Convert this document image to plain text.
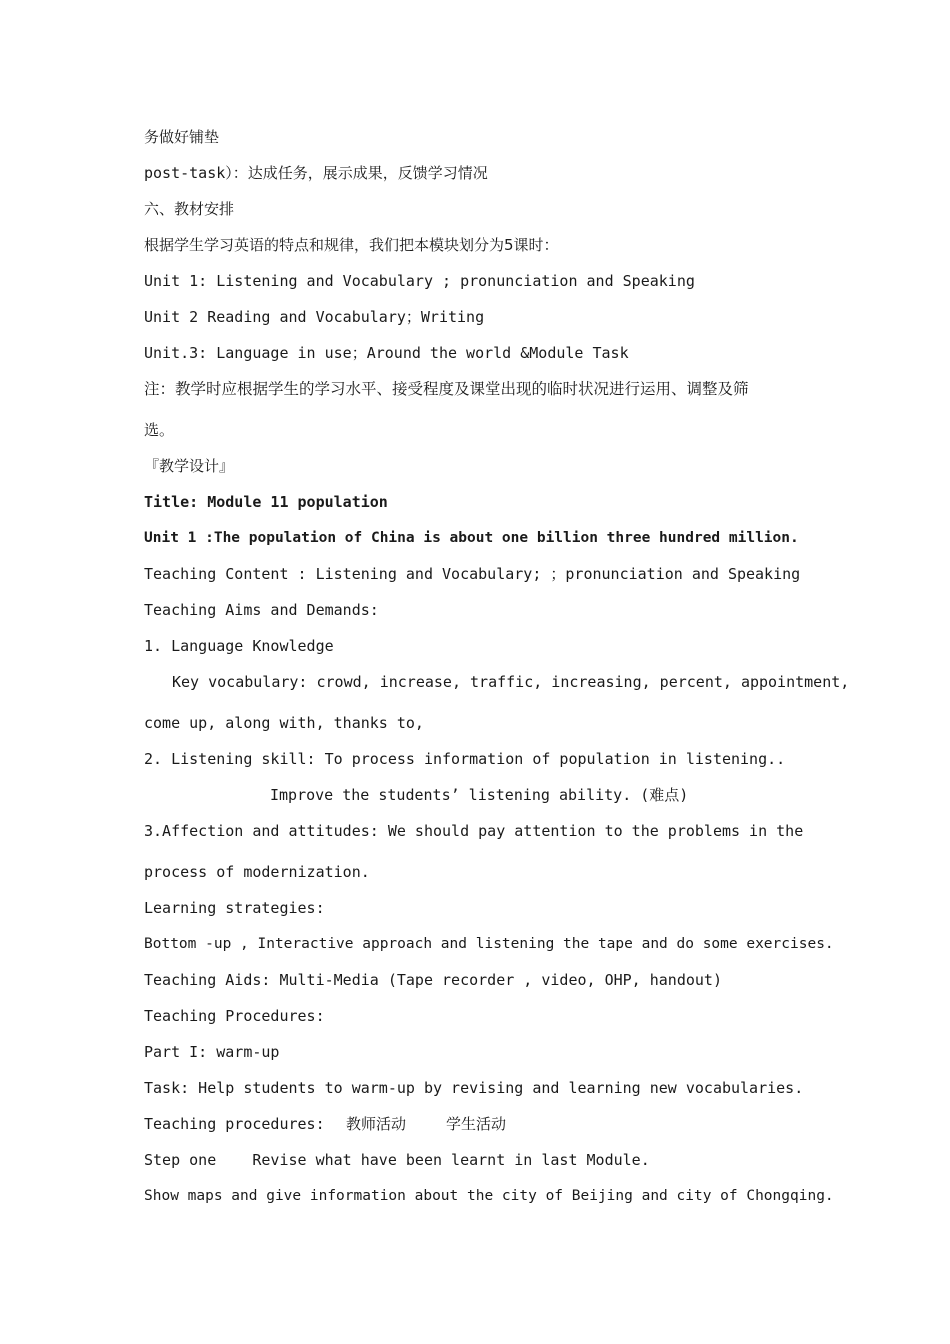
务做好铺垫
post-task）：达成任务，展示成果，反馈学习情况
六、教材安排
根据学生学习英语的特点和规律，我们把本模块划分为5课时：
Unit 1: Listening and Vocabulary ; pronunciation and Speaking
Unit 2 Reading and Vocabulary；Writing
Unit.3: Language in use；Around the world &Module Task
注：教学时应根据学生的学习水平、接受程度及课堂出现的临时状况进行运用、调整及筛
选。
『教学设计』
Title: Module 11 population
Unit 1 :The population of China is about one billion three hundred million.
Teaching Content : Listening and Vocabulary; ；pronunciation and Speaking
Teaching Aims and Demands:
1. Language Knowledge
Key vocabulary: crowd, increase, traffic, increasing, percent, appointment,
come up, along with, thanks to,
2. Listening skill: To process information of population in listening..
Improve the students’ listening ability. (难点)
3.Affection and attitudes: We should pay attention to the problems in the
process of modernization.
Learning strategies:
Bottom -up , Interactive approach and listening the tape and do some exercises.
Teaching Aids: Multi-Media (Tape recorder , video, OHP, handout)
Teaching Procedures:
Part I: warm-up
Task: Help students to warm-up by revising and learning new vocabularies.
Teaching procedures: 教师活动	学生活动
Step one    Revise what have been learnt in last Module.
Show maps and give information about the city of Beijing and city of Chongqing.
